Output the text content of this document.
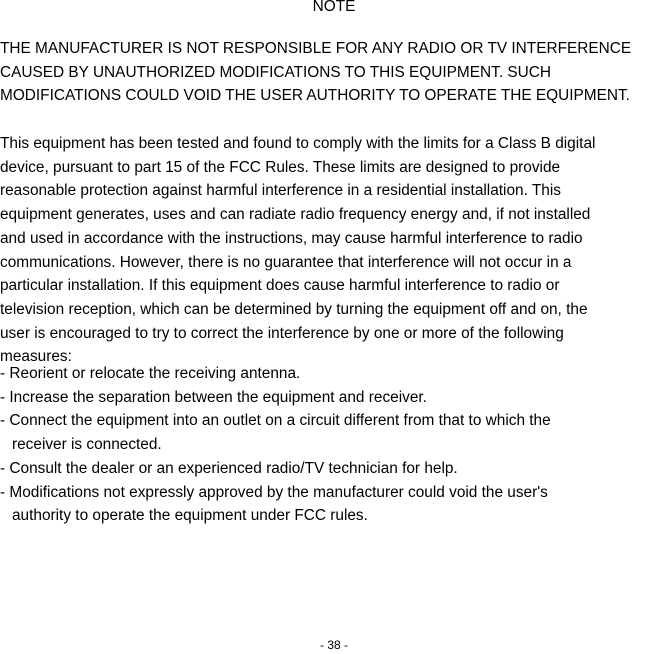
NOTE
THE MANUFACTURER IS NOT RESPONSIBLE FOR ANY RADIO OR TV INTERFERENCE
CAUSED BY UNAUTHORIZED MODIFICATIONS TO THIS EQUIPMENT. SUCH
MODIFICATIONS COULD VOID THE USER AUTHORITY TO OPERATE THE EQUIPMENT.
This equipment has been tested and found to comply with the limits for a Class B digital
device, pursuant to part 15 of the FCC Rules. These limits are designed to provide
reasonable protection against harmful interference in a residential installation. This
equipment generates, uses and can radiate radio frequency energy and, if not installed
and used in accordance with the instructions, may cause harmful interference to radio
communications. However, there is no guarantee that interference will not occur in a
particular installation. If this equipment does cause harmful interference to radio or
television reception, which can be determined by turning the equipment off and on, the
user is encouraged to try to correct the interference by one or more of the following
measures:
- Reorient or relocate the receiving antenna.
- Increase the separation between the equipment and receiver.
- Connect the equipment into an outlet on a circuit different from that to which the
receiver is connected.
- Consult the dealer or an experienced radio/TV technician for help.
- Modifications not expressly approved by the manufacturer could void the user's
authority to operate the equipment under FCC rules.
- 38 -
